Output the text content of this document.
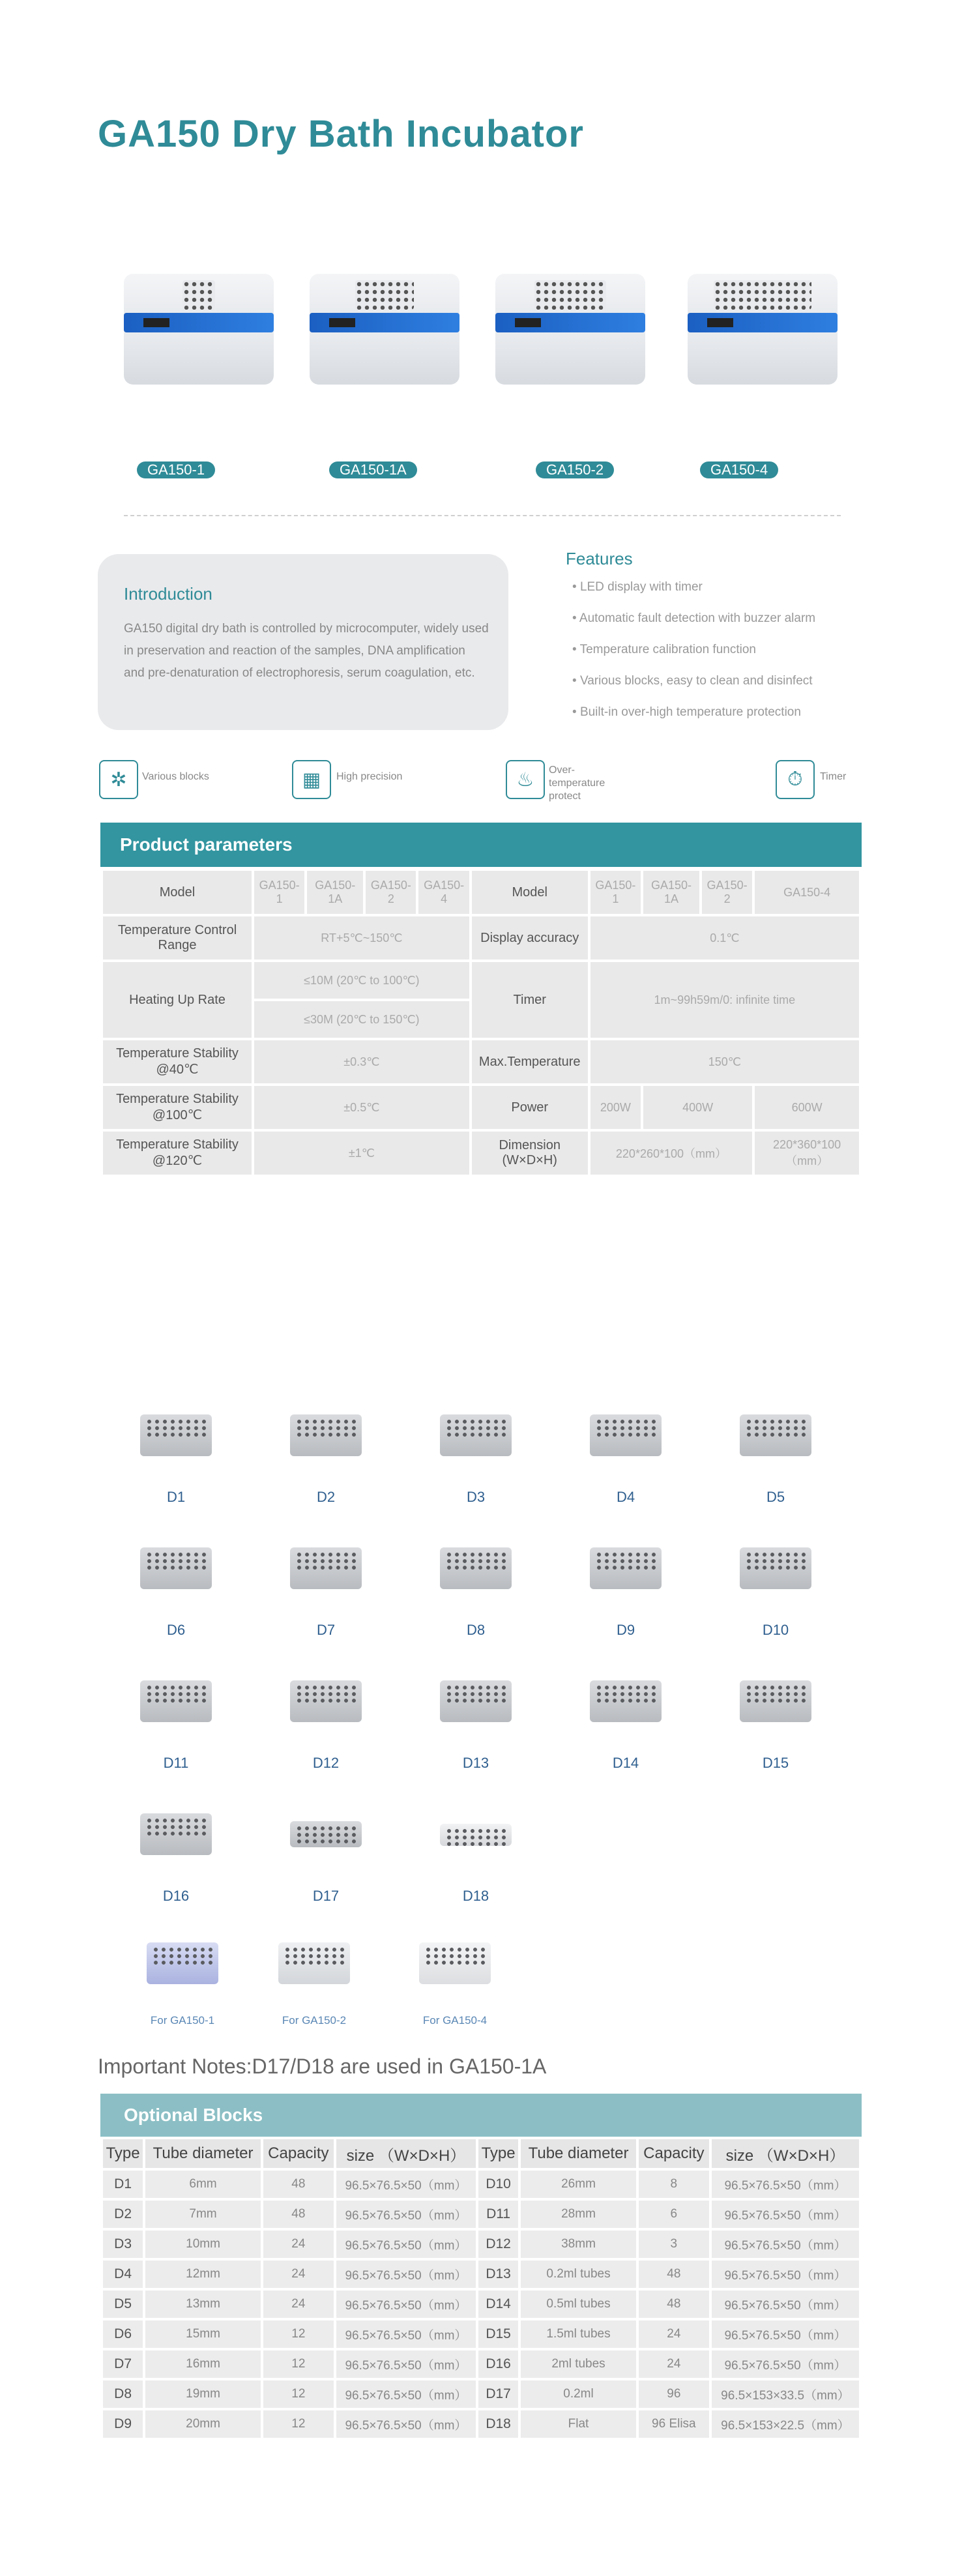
GA150 Dry Bath Incubator
GA150-1	GA150-1A	GA150-2	GA150-4
Introduction
GA150 digital dry bath is controlled by microcomputer, widely used in preservation and reaction of the samples, DNA amplification and pre-denaturation of electrophoresis, serum coagulation, etc.
Features
• LED display with timer
• Automatic fault detection with buzzer alarm
• Temperature calibration function
• Various blocks, easy to clean and disinfect
• Built-in over-high temperature protection
✲	Various blocks	▦	High precision	♨	Over-temperature protect
⏱	Timer
Product parameters
Model	GA150-1	GA150-1A	GA150-2	GA150-4	Model	GA150-1	GA150-1A	GA150-2	GA150-4
Temperature Control Range	RT+5℃~150℃				Display accuracy	0.1℃			
Heating Up Rate	≤10M (20℃ to 100℃)				Timer	1m~99h59m/0: infinite time			
	≤30M (20℃ to 150℃)								
Temperature Stability @40℃	±0.3℃				Max.Temperature	150℃			
Temperature Stability @100℃	±0.5℃				Power	200W	400W		600W
Temperature Stability @120℃	±1℃				Dimension (W×D×H)	220*260*100（mm）			220*360*100（mm）
D1	D2	D3	D4	D5
D6	D7	D8	D9	D10
D11	D12	D13	D14	D15
D16	D17	D18
For GA150-1	For GA150-2	For GA150-4
Important Notes:D17/D18 are used in GA150-1A
Optional Blocks
Type	Tube diameter	Capacity	size （W×D×H）	Type	Tube diameter	Capacity	size （W×D×H）
D1	6mm	48	96.5×76.5×50（mm）	D10	26mm	8	96.5×76.5×50（mm）
D2	7mm	48	96.5×76.5×50（mm）	D11	28mm	6	96.5×76.5×50（mm）
D3	10mm	24	96.5×76.5×50（mm）	D12	38mm	3	96.5×76.5×50（mm）
D4	12mm	24	96.5×76.5×50（mm）	D13	0.2ml tubes	48	96.5×76.5×50（mm）
D5	13mm	24	96.5×76.5×50（mm）	D14	0.5ml tubes	48	96.5×76.5×50（mm）
D6	15mm	12	96.5×76.5×50（mm）	D15	1.5ml tubes	24	96.5×76.5×50（mm）
D7	16mm	12	96.5×76.5×50（mm）	D16	2ml tubes	24	96.5×76.5×50（mm）
D8	19mm	12	96.5×76.5×50（mm）	D17	0.2ml	96	96.5×153×33.5（mm）
D9	20mm	12	96.5×76.5×50（mm）	D18	Flat	96 Elisa	96.5×153×22.5（mm）
